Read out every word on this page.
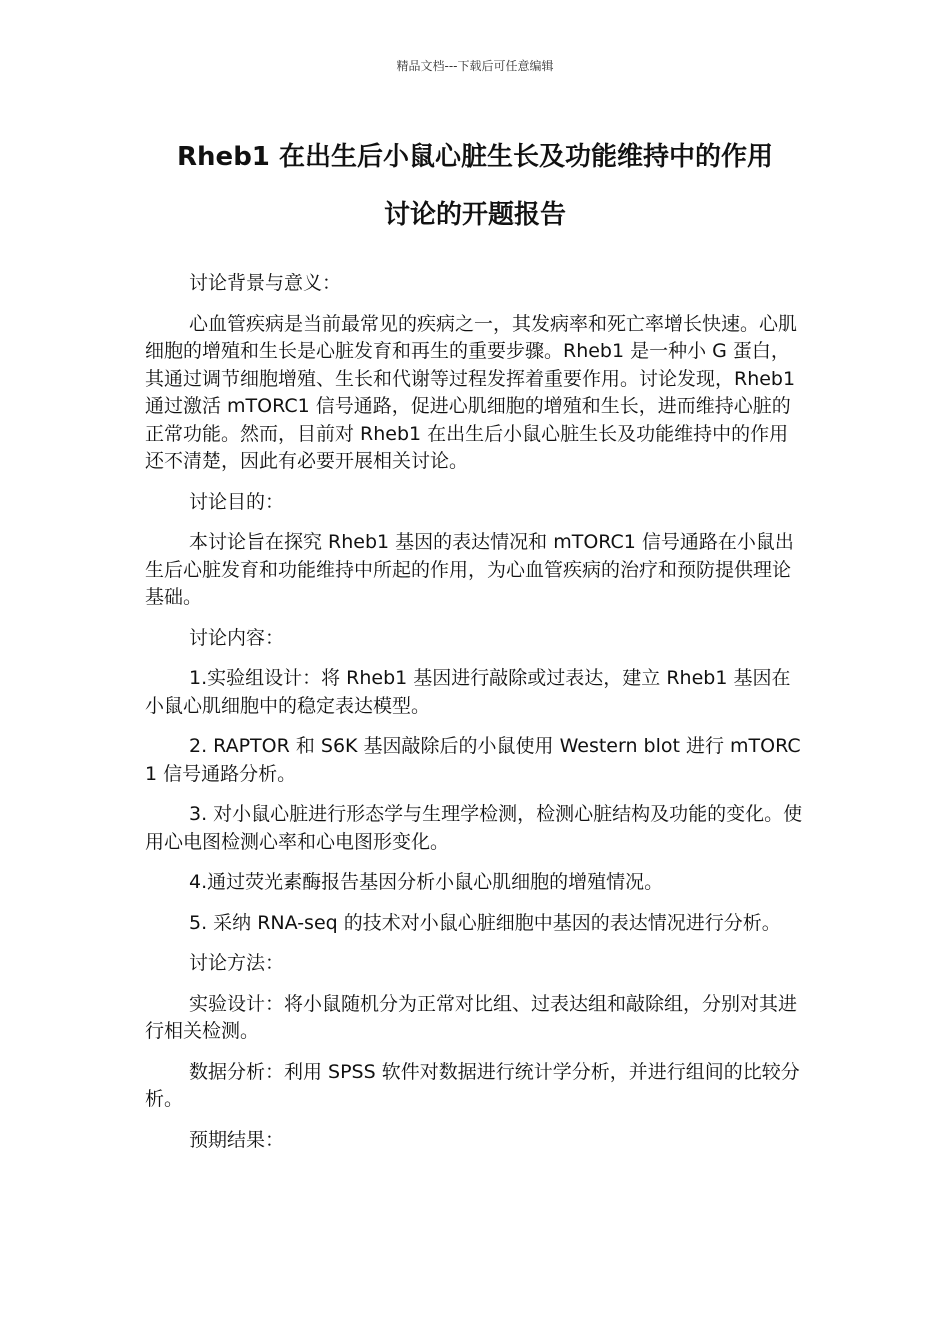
精品文档---下载后可任意编辑
Rheb1 在出生后小鼠心脏生长及功能维持中的作用
讨论的开题报告

讨论背景与意义：

心血管疾病是当前最常见的疾病之一，其发病率和死亡率增长快速。心肌细胞的增殖和生长是心脏发育和再生的重要步骤。Rheb1 是一种小 G 蛋白，其通过调节细胞增殖、生长和代谢等过程发挥着重要作用。讨论发现，Rheb1 通过激活 mTORC1 信号通路，促进心肌细胞的增殖和生长，进而维持心脏的正常功能。然而，目前对 Rheb1 在出生后小鼠心脏生长及功能维持中的作用还不清楚，因此有必要开展相关讨论。

讨论目的：

本讨论旨在探究 Rheb1 基因的表达情况和 mTORC1 信号通路在小鼠出生后心脏发育和功能维持中所起的作用，为心血管疾病的治疗和预防提供理论基础。

讨论内容：

1.实验组设计：将 Rheb1 基因进行敲除或过表达，建立 Rheb1 基因在小鼠心肌细胞中的稳定表达模型。

2. RAPTOR 和 S6K 基因敲除后的小鼠使用 Western blot 进行 mTORC1 信号通路分析。

3. 对小鼠心脏进行形态学与生理学检测，检测心脏结构及功能的变化。使用心电图检测心率和心电图形变化。

4.通过荧光素酶报告基因分析小鼠心肌细胞的增殖情况。

5. 采纳 RNA-seq 的技术对小鼠心脏细胞中基因的表达情况进行分析。

讨论方法：

实验设计：将小鼠随机分为正常对比组、过表达组和敲除组，分别对其进行相关检测。

数据分析：利用 SPSS 软件对数据进行统计学分析，并进行组间的比较分析。

预期结果：
